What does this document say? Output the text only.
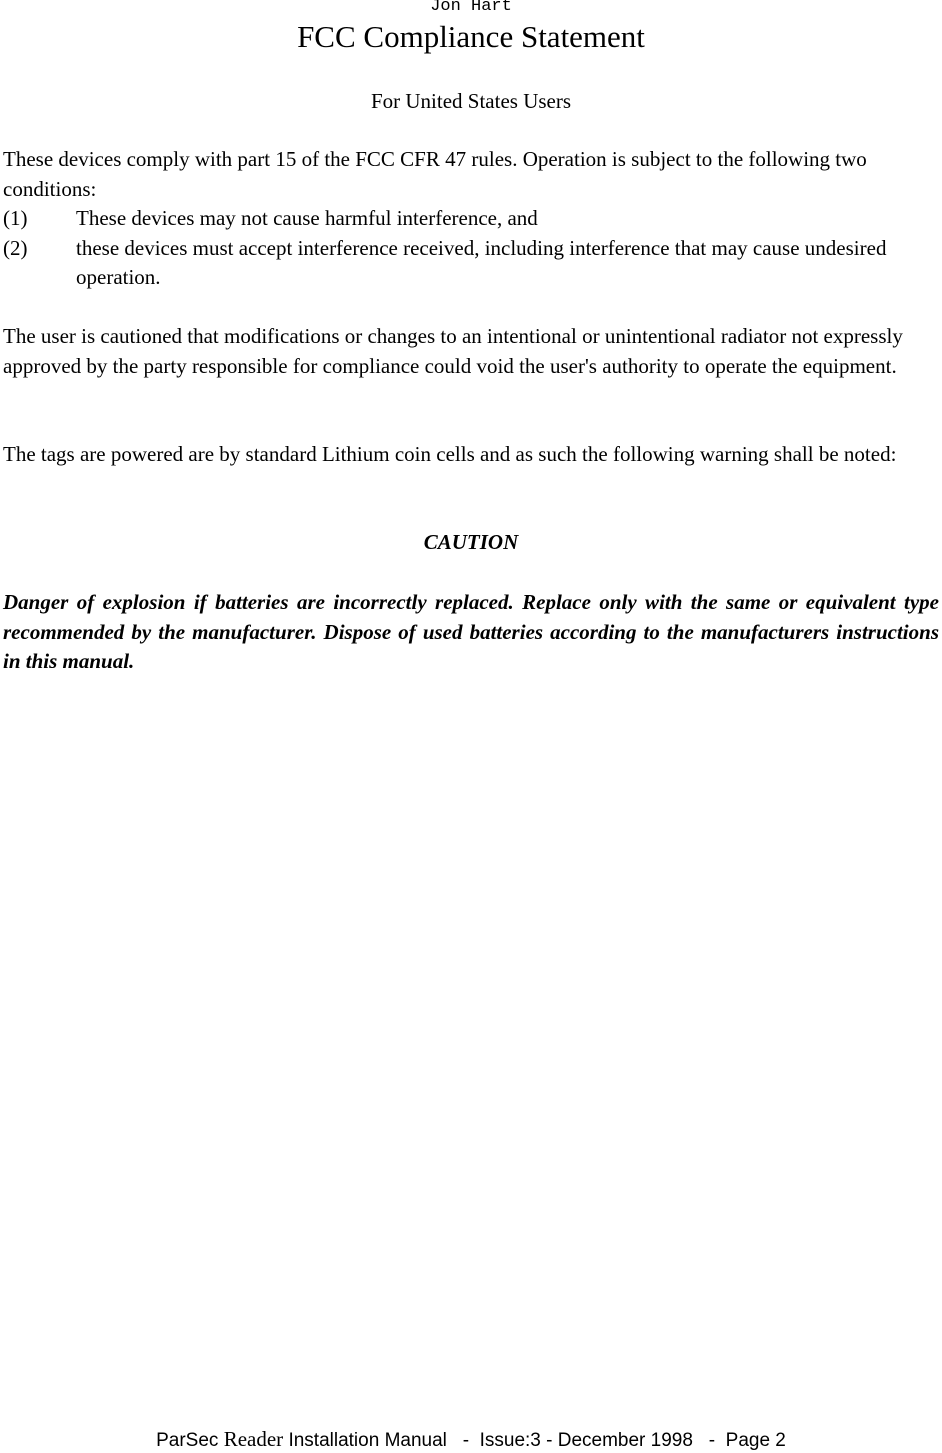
Jon Hart
FCC Compliance Statement
For United States Users
These devices comply with part 15 of the FCC CFR 47 rules. Operation is subject to the following two conditions:
(1)	These devices may not cause harmful interference, and
(2)	these devices must accept interference received, including interference that may cause undesired operation.

The user is cautioned that modifications or changes to an intentional or unintentional radiator not expressly approved by the party responsible for compliance could void the user's authority to operate the equipment.

The tags are powered are by standard Lithium coin cells and as such the following warning shall be noted:

CAUTION

Danger of explosion if batteries are incorrectly replaced. Replace only with the same or equivalent type recommended by the manufacturer. Dispose of used batteries according to the manufacturers instructions in this manual.

ParSec Reader Installation Manual   -  Issue:3 - December 1998   -  Page 2
